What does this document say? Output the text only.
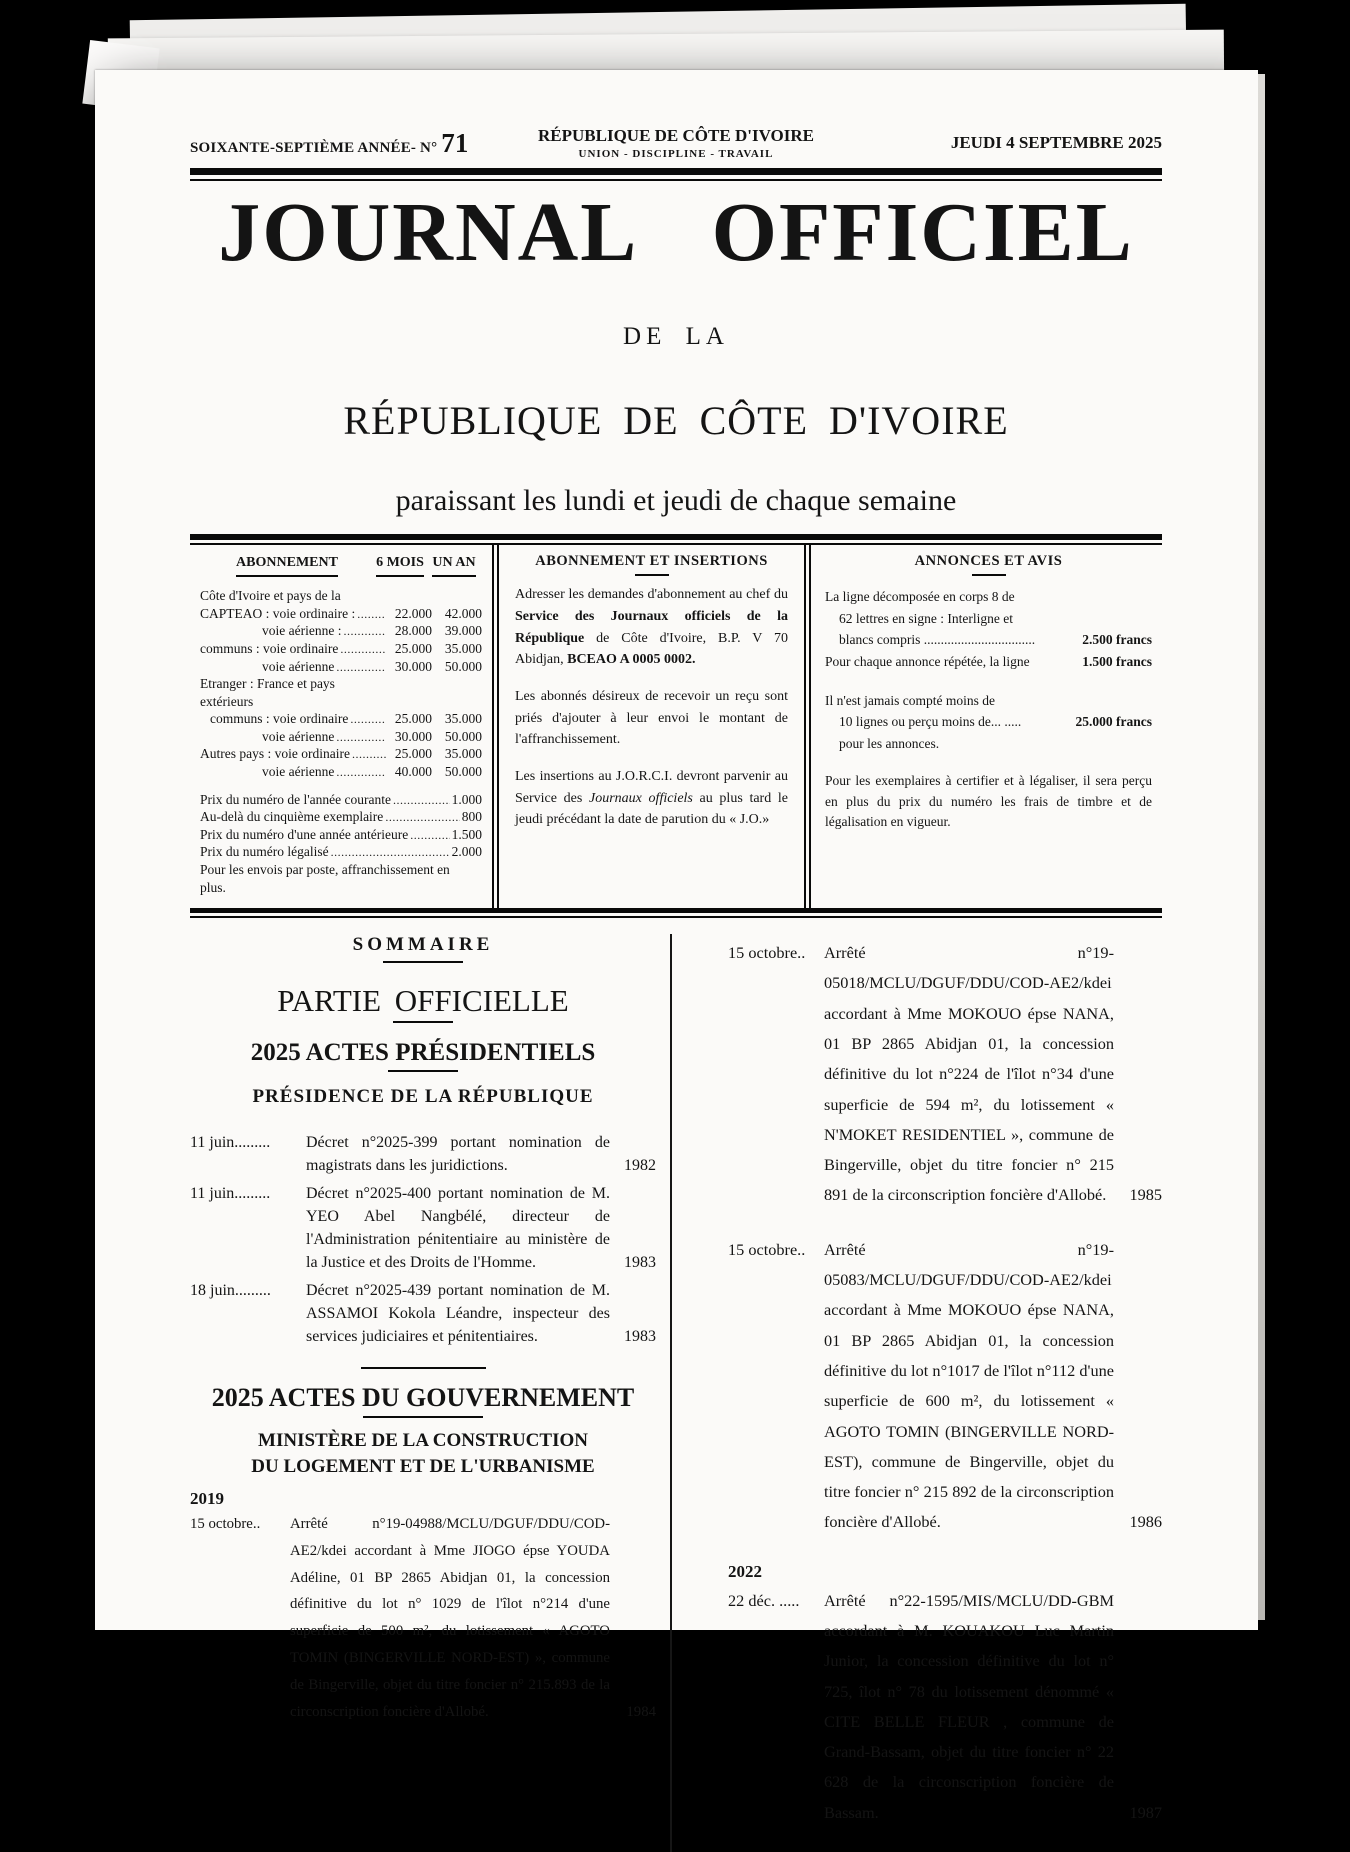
SOIXANTE-SEPTIÈME ANNÉE- N° 71	RÉPUBLIQUE DE CÔTE D'IVOIRE
UNION - DISCIPLINE - TRAVAIL
JEUDI 4 SEPTEMBRE 2025
JOURNAL OFFICIEL
DE LA
RÉPUBLIQUE DE CÔTE D'IVOIRE
paraissant les lundi et jeudi de chaque semaine
ABONNEMENT	6 MOIS UN AN
Côte d'Ivoire et pays de la
CAPTEAO : voie ordinaire : .....	22.000 42.000
voie aérienne : .....	28.000 39.000
communs : voie ordinaire .....	25.000 35.000
voie aérienne .....	30.000 50.000
Etranger : France et pays extérieurs
communs : voie ordinaire .....	25.000 35.000
voie aérienne .....	30.000 50.000
Autres pays : voie ordinaire .....	25.000 35.000
voie aérienne .....	40.000 50.000
Prix du numéro de l'année courante .....	1.000
Au-delà du cinquième exemplaire .....	800
Prix du numéro d'une année antérieure .....	1.500
Prix du numéro légalisé .....	2.000
Pour les envois par poste, affranchissement en plus.
ABONNEMENT ET INSERTIONS

Adresser les demandes d'abonnement au chef du Service des Journaux officiels de la République de Côte d'Ivoire, B.P. V 70 Abidjan, BCEAO A 0005 0002.

Les abonnés désireux de recevoir un reçu sont priés d'ajouter à leur envoi le montant de l'affranchissement.

Les insertions au J.O.R.C.I. devront parvenir au Service des Journaux officiels au plus tard le jeudi précédant la date de parution du « J.O.»

ANNONCES ET AVIS
La ligne décomposée en corps 8 de
62 lettres en signe : Interligne et
blancs compris .................................	2.500 francs
Pour chaque annonce répétée, la ligne	1.500 francs
Il n'est jamais compté moins de
10 lignes ou perçu moins de... .....	25.000 francs
pour les annonces.
Pour les exemplaires à certifier et à légaliser, il sera perçu en plus du prix du numéro les frais de timbre et de légalisation en vigueur.
SOMMAIRE
PARTIE OFFICIELLE
2025 ACTES PRÉSIDENTIELS
PRÉSIDENCE DE LA RÉPUBLIQUE
11 juin.........	Décret n°2025-399 portant nomination de magistrats dans les juridictions.	1982
11 juin.........	Décret n°2025-400 portant nomination de M. YEO Abel Nangbélé, directeur de l'Administration pénitentiaire au ministère de la Justice et des Droits de l'Homme.	1983
18 juin.........	Décret n°2025-439 portant nomination de M. ASSAMOI Kokola Léandre, inspecteur des services judiciaires et pénitentiaires.	1983
2025 ACTES DU GOUVERNEMENT
MINISTÈRE DE LA CONSTRUCTION
DU LOGEMENT ET DE L'URBANISME
2019
15 octobre..	Arrêté n°19-04988/MCLU/DGUF/DDU/COD-AE2/kdei accordant à Mme JIOGO épse YOUDA Adéline, 01 BP 2865 Abidjan 01, la concession définitive du lot n° 1029 de l'îlot n°214 d'une superficie de 500 m², du lotissement « AGOTO TOMIN (BINGERVILLE NORD-EST) », commune de Bingerville, objet du titre foncier n° 215.893 de la circonscription foncière d'Allobé.	1984
15 octobre..	Arrêté n°19-05018/MCLU/DGUF/DDU/COD-AE2/kdei accordant à Mme MOKOUO épse NANA, 01 BP 2865 Abidjan 01, la concession définitive du lot n°224 de l'îlot n°34 d'une superficie de 594 m², du lotissement « N'MOKET RESIDENTIEL », commune de Bingerville, objet du titre foncier n° 215 891 de la circonscription foncière d'Allobé.	1985
15 octobre..	Arrêté n°19-05083/MCLU/DGUF/DDU/COD-AE2/kdei accordant à Mme MOKOUO épse NANA, 01 BP 2865 Abidjan 01, la concession définitive du lot n°1017 de l'îlot n°112 d'une superficie de 600 m², du lotissement « AGOTO TOMIN (BINGERVILLE NORD-EST), commune de Bingerville, objet du titre foncier n° 215 892 de la circonscription foncière d'Allobé.	1986
2022
22 déc. .....	Arrêté n°22-1595/MIS/MCLU/DD-GBM accordant à M. KOUAKOU Luc Martin Junior, la concession définitive du lot n° 725, îlot n° 78 du lotissement dénommé « CITE BELLE FLEUR , commune de Grand-Bassam, objet du titre foncier n° 22 628 de la circonscription foncière de Bassam.	1987
